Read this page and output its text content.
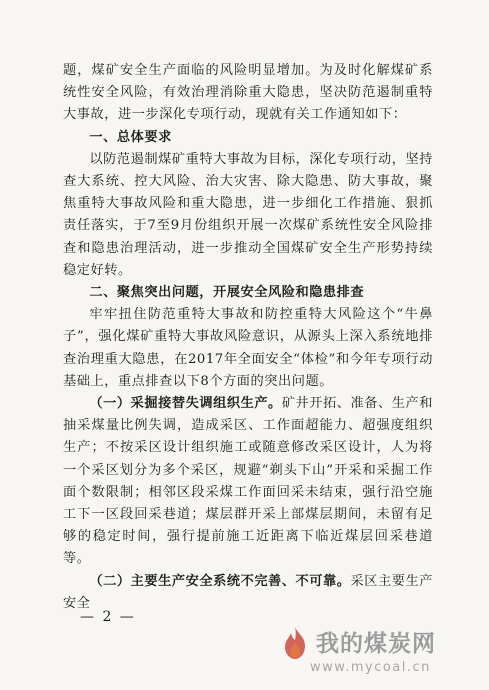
题，煤矿安全生产面临的风险明显增加。为及时化解煤矿系统性安全风险，有效治理消除重大隐患，坚决防范遏制重特大事故，进一步深化专项行动，现就有关工作通知如下：

一、总体要求

以防范遏制煤矿重特大事故为目标，深化专项行动，坚持查大系统、控大风险、治大灾害、除大隐患、防大事故，聚焦重特大事故风险和重大隐患，进一步细化工作措施、狠抓责任落实，于7至9月份组织开展一次煤矿系统性安全风险排查和隐患治理活动，进一步推动全国煤矿安全生产形势持续稳定好转。

二、聚焦突出问题，开展安全风险和隐患排查

牢牢扭住防范重特大事故和防控重特大风险这个“牛鼻子”，强化煤矿重特大事故风险意识，从源头上深入系统地排查治理重大隐患，在2017年全面安全“体检”和今年专项行动基础上，重点排查以下8个方面的突出问题。

（一）采掘接替失调组织生产。矿井开拓、准备、生产和抽采煤量比例失调，造成采区、工作面超能力、超强度组织生产；不按采区设计组织施工或随意修改采区设计，人为将一个采区划分为多个采区，规避“剃头下山”开采和采掘工作面个数限制；相邻区段采煤工作面回采未结束，强行沿空施工下一区段回采巷道；煤层群开采上部煤层期间，未留有足够的稳定时间，强行提前施工近距离下临近煤层回采巷道等。

（二）主要生产安全系统不完善、不可靠。采区主要生产安全

— 2 —
我的煤炭网
www.mycoal.cn
